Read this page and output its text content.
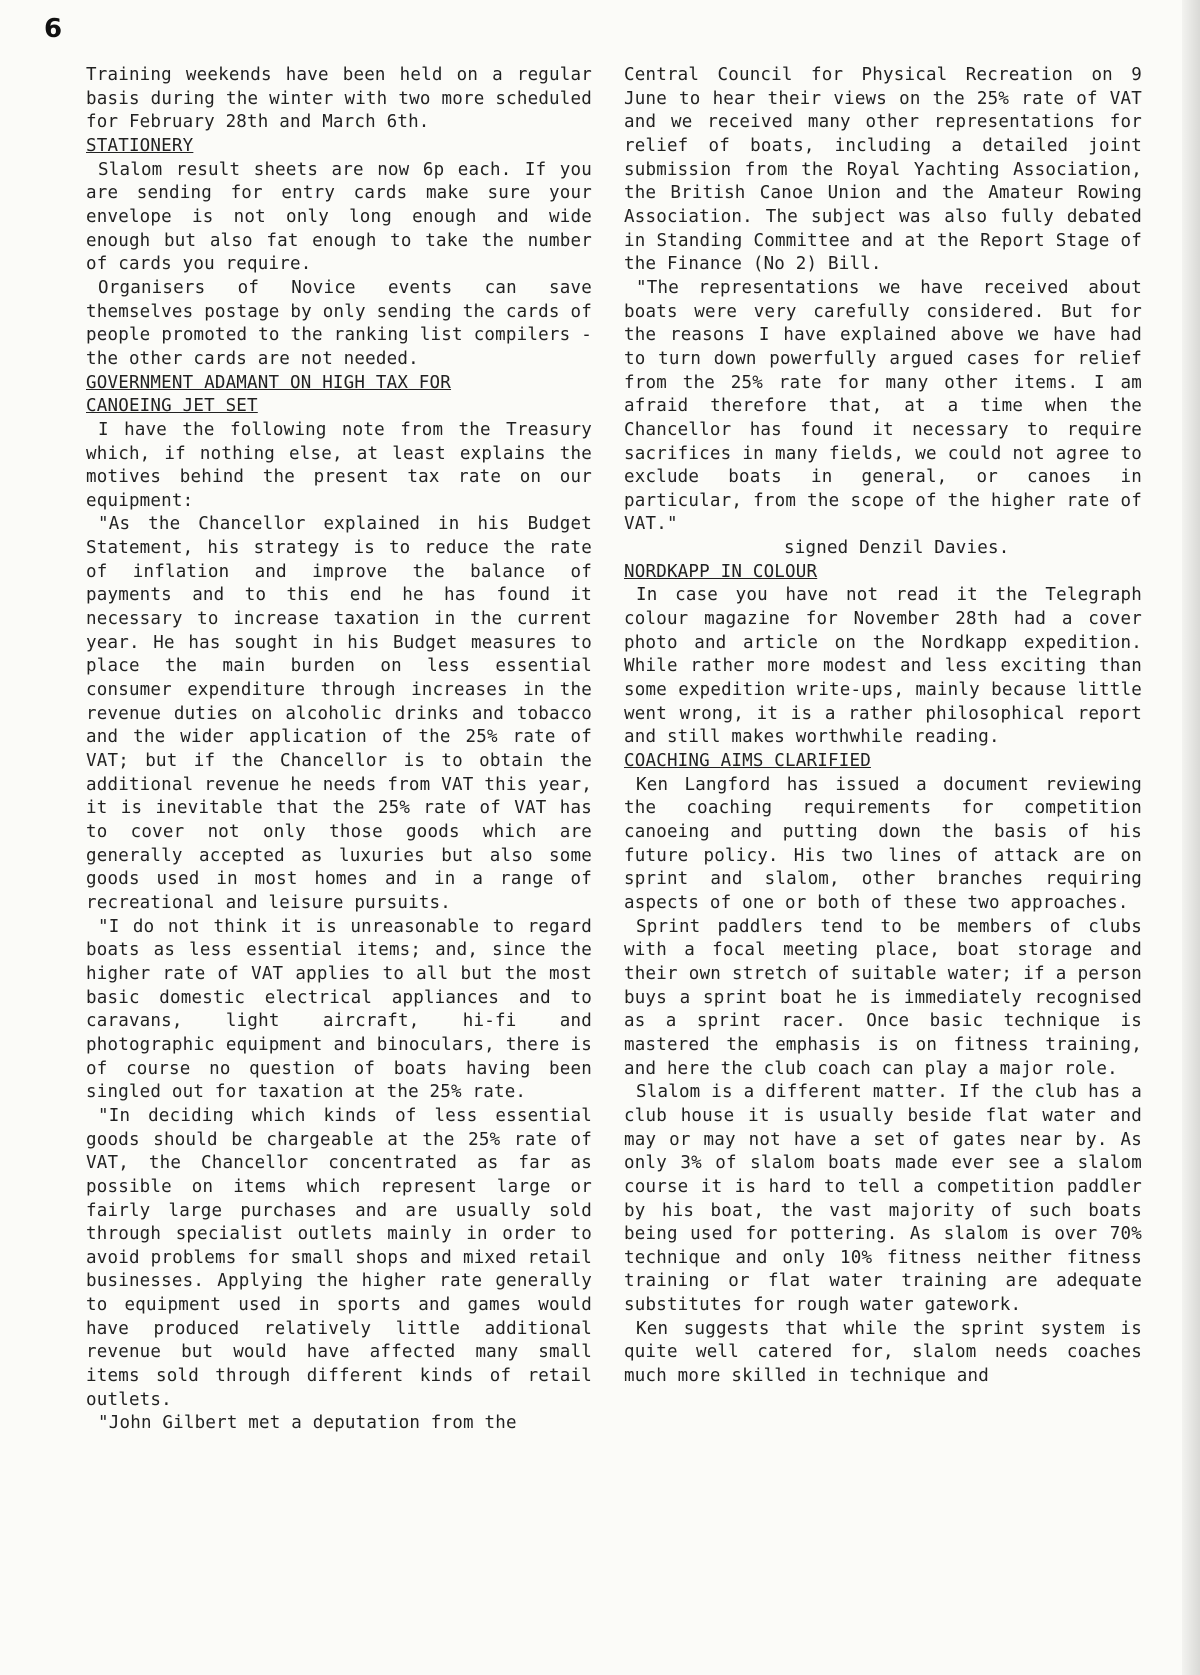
6

Training weekends have been held on a regular basis during the winter with two more scheduled for February 28th and March 6th.

STATIONERY

Slalom result sheets are now 6p each. If you are sending for entry cards make sure your envelope is not only long enough and wide enough but also fat enough to take the number of cards you require.

Organisers of Novice events can save themselves postage by only sending the cards of people promoted to the ranking list compilers - the other cards are not needed.

GOVERNMENT ADAMANT ON HIGH TAX FOR
CANOEING JET SET

I have the following note from the Treasury which, if nothing else, at least explains the motives behind the present tax rate on our equipment:

"As the Chancellor explained in his Budget Statement, his strategy is to reduce the rate of inflation and improve the balance of payments and to this end he has found it necessary to increase taxation in the current year. He has sought in his Budget measures to place the main burden on less essential consumer expenditure through increases in the revenue duties on alcoholic drinks and tobacco and the wider application of the 25% rate of VAT; but if the Chancellor is to obtain the additional revenue he needs from VAT this year, it is inevitable that the 25% rate of VAT has to cover not only those goods which are generally accepted as luxuries but also some goods used in most homes and in a range of recreational and leisure pursuits.

"I do not think it is unreasonable to regard boats as less essential items; and, since the higher rate of VAT applies to all but the most basic domestic electrical appliances and to caravans, light aircraft, hi-fi and photographic equipment and binoculars, there is of course no question of boats having been singled out for taxation at the 25% rate.

"In deciding which kinds of less essential goods should be chargeable at the 25% rate of VAT, the Chancellor concentrated as far as possible on items which represent large or fairly large purchases and are usually sold through specialist outlets mainly in order to avoid problems for small shops and mixed retail businesses. Applying the higher rate generally to equipment used in sports and games would have produced relatively little additional revenue but would have affected many small items sold through different kinds of retail outlets.

"John Gilbert met a deputation from the

Central Council for Physical Recreation on 9 June to hear their views on the 25% rate of VAT and we received many other representations for relief of boats, including a detailed joint submission from the Royal Yachting Association, the British Canoe Union and the Amateur Rowing Association. The subject was also fully debated in Standing Committee and at the Report Stage of the Finance (No 2) Bill.

"The representations we have received about boats were very carefully considered. But for the reasons I have explained above we have had to turn down powerfully argued cases for relief from the 25% rate for many other items. I am afraid therefore that, at a time when the Chancellor has found it necessary to require sacrifices in many fields, we could not agree to exclude boats in general, or canoes in particular, from the scope of the higher rate of VAT."

signed Denzil Davies.
NORDKAPP IN COLOUR

In case you have not read it the Telegraph colour magazine for November 28th had a cover photo and article on the Nordkapp expedition. While rather more modest and less exciting than some expedition write-ups, mainly because little went wrong, it is a rather philosophical report and still makes worthwhile reading.

COACHING AIMS CLARIFIED

Ken Langford has issued a document reviewing the coaching requirements for competition canoeing and putting down the basis of his future policy. His two lines of attack are on sprint and slalom, other branches requiring aspects of one or both of these two approaches.

Sprint paddlers tend to be members of clubs with a focal meeting place, boat storage and their own stretch of suitable water; if a person buys a sprint boat he is immediately recognised as a sprint racer. Once basic technique is mastered the emphasis is on fitness training, and here the club coach can play a major role.

Slalom is a different matter. If the club has a club house it is usually beside flat water and may or may not have a set of gates near by. As only 3% of slalom boats made ever see a slalom course it is hard to tell a competition paddler by his boat, the vast majority of such boats being used for pottering. As slalom is over 70% technique and only 10% fitness neither fitness training or flat water training are adequate substitutes for rough water gatework.

Ken suggests that while the sprint system is quite well catered for, slalom needs coaches much more skilled in technique and
